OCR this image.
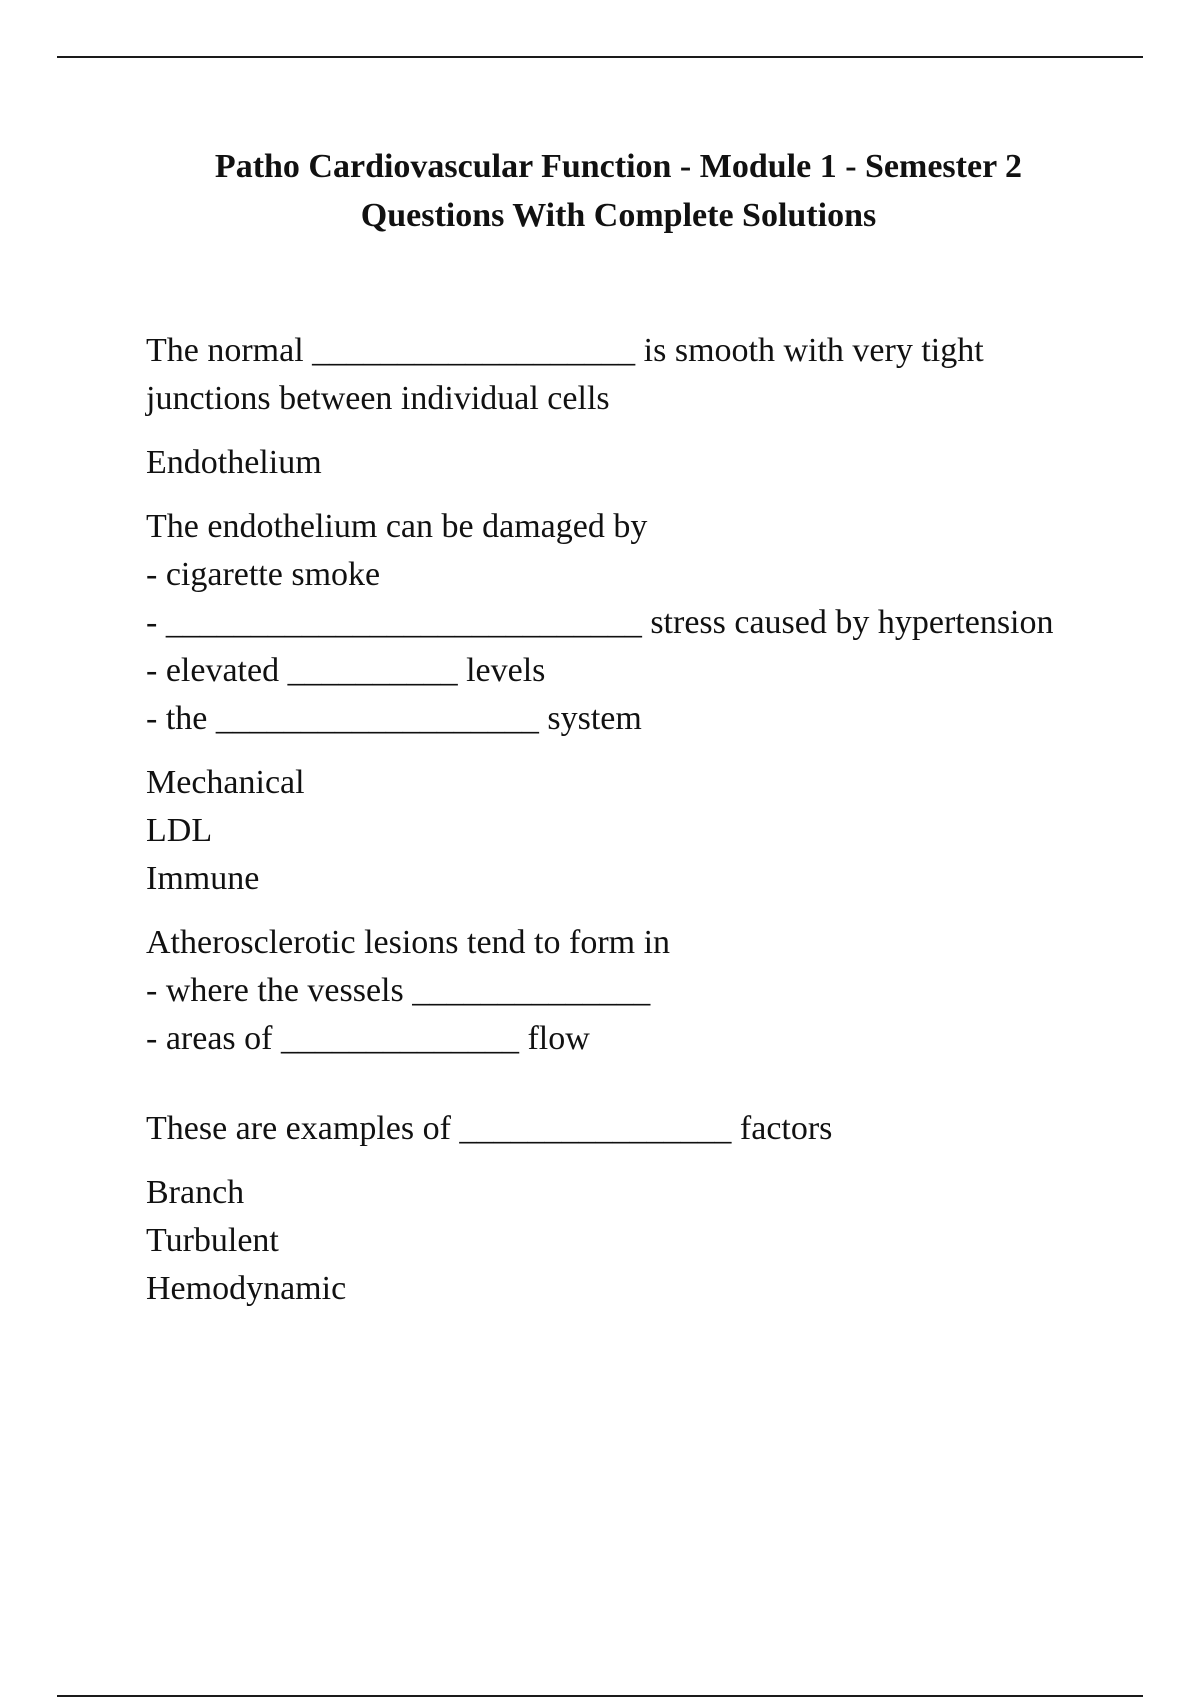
Patho Cardiovascular Function - Module 1 - Semester 2
Questions With Complete Solutions

The normal ___________________ is smooth with very tight
junctions between individual cells

Endothelium

The endothelium can be damaged by
- cigarette smoke
- ____________________________ stress caused by hypertension
- elevated __________ levels
- the ___________________ system

Mechanical
LDL
Immune

Atherosclerotic lesions tend to form in
- where the vessels ______________
- areas of ______________ flow

These are examples of ________________ factors

Branch
Turbulent
Hemodynamic
